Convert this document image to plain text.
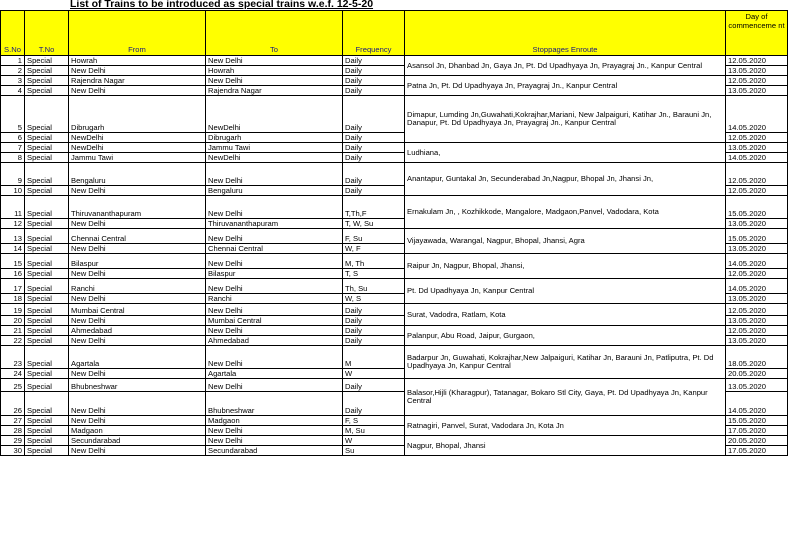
List of Trains to be introduced as special trains w.e.f. 12-5-20
S.No	T.No	From	To	Frequency	Stoppages Enroute	Day of commenceme nt
1	Special	Howrah	New Delhi	Daily	Asansol Jn, Dhanbad Jn, Gaya Jn, Pt. Dd Upadhyaya Jn, Prayagraj Jn., Kanpur Central	12.05.2020
2	Special	New Delhi	Howrah	Daily		13.05.2020
3	Special	Rajendra Nagar	New Delhi	Daily	Patna Jn, Pt. Dd Upadhyaya Jn, Prayagraj Jn., Kanpur Central	12.05.2020
4	Special	New Delhi	Rajendra Nagar	Daily		13.05.2020
5	Special	Dibrugarh	NewDelhi	Daily	Dimapur, Lumding Jn,Guwahati,Kokrajhar,Mariani, New Jalpaiguri, Katihar Jn., Barauni Jn, Danapur, Pt. Dd Upadhyaya Jn, Prayagraj Jn., Kanpur Central	14.05.2020
6	Special	NewDelhi	Dibrugarh	Daily		12.05.2020
7	Special	NewDelhi	Jammu Tawi	Daily	Ludhiana,	13.05.2020
8	Special	Jammu Tawi	NewDelhi	Daily		14.05.2020
9	Special	Bengaluru	New Delhi	Daily	Anantapur, Guntakal Jn, Secunderabad Jn,Nagpur, Bhopal Jn, Jhansi Jn,	12.05.2020
10	Special	New Delhi	Bengaluru	Daily		12.05.2020
11	Special	Thiruvananthapuram	New Delhi	T,Th,F	Ernakulam Jn, , Kozhikkode, Mangalore, Madgaon,Panvel, Vadodara, Kota	15.05.2020
12	Special	New Delhi	Thiruvananthapuram	T, W, Su		13.05.2020
13	Special	Chennai Central	New Delhi	F, Su	Vijayawada, Warangal, Nagpur, Bhopal, Jhansi, Agra	15.05.2020
14	Special	New Delhi	Chennai Central	W, F		13.05.2020
15	Special	Bilaspur	New Delhi	M, Th	Raipur Jn, Nagpur, Bhopal, Jhansi,	14.05.2020
16	Special	New Delhi	Bilaspur	T, S		12.05.2020
17	Special	Ranchi	New Delhi	Th, Su	Pt. Dd Upadhyaya Jn, Kanpur Central	14.05.2020
18	Special	New Delhi	Ranchi	W, S		13.05.2020
19	Special	Mumbai Central	New Delhi	Daily	Surat, Vadodra, Ratlam, Kota	12.05.2020
20	Special	New Delhi	Mumbai Central	Daily		13.05.2020
21	Special	Ahmedabad	New Delhi	Daily	Palanpur, Abu Road, Jaipur, Gurgaon,	12.05.2020
22	Special	New Delhi	Ahmedabad	Daily		13.05.2020
23	Special	Agartala	New Delhi	M	Badarpur Jn, Guwahati, Kokrajhar,New Jalpaiguri, Katihar Jn, Barauni Jn, Patliputra, Pt. Dd Upadhyaya Jn, Kanpur Central	18.05.2020
24	Special	New Delhi	Agartala	W		20.05.2020
25	Special	Bhubneshwar	New Delhi	Daily	Balasor,Hijli (Kharagpur), Tatanagar, Bokaro Stl City, Gaya, Pt. Dd Upadhyaya Jn, Kanpur Central	13.05.2020
26	Special	New Delhi	Bhubneshwar	Daily		14.05.2020
27	Special	New Delhi	Madgaon	F, S	Ratnagiri, Panvel, Surat, Vadodara Jn, Kota Jn	15.05.2020
28	Special	Madgaon	New Delhi	M, Su		17.05.2020
29	Special	Secundarabad	New Delhi	W	Nagpur, Bhopal, Jhansi	20.05.2020
30	Special	New Delhi	Secundarabad	Su		17.05.2020
